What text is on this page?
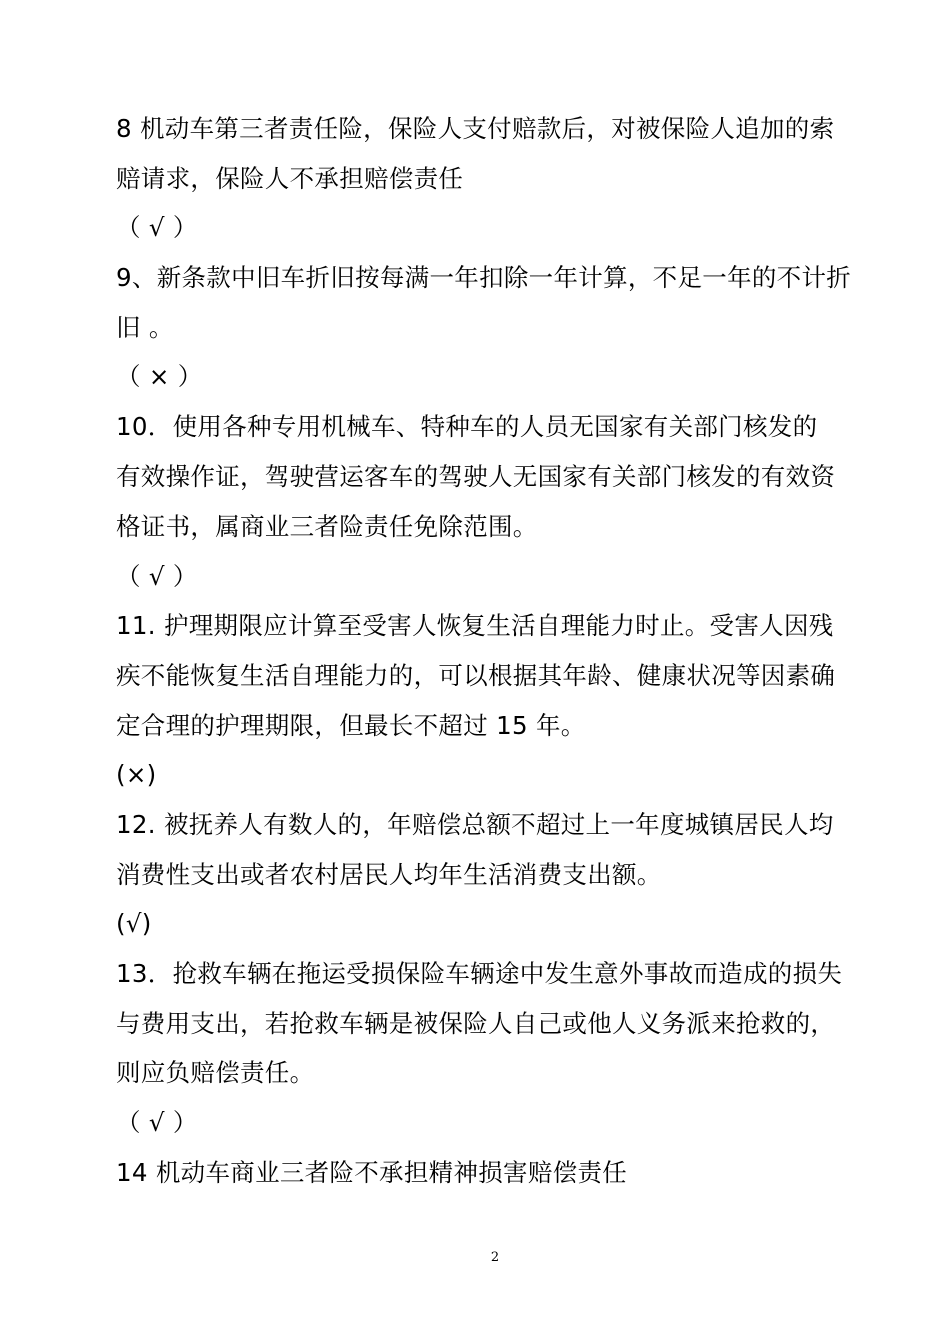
8 机动车第三者责任险，保险人支付赔款后，对被保险人追加的索
赔请求，保险人不承担赔偿责任
（ √ ）
9、新条款中旧车折旧按每满一年扣除一年计算，不足一年的不计折
旧 。
（ × ）
10．使用各种专用机械车、特种车的人员无国家有关部门核发的
有效操作证，驾驶营运客车的驾驶人无国家有关部门核发的有效资
格证书，属商业三者险责任免除范围。
（ √ ）
11. 护理期限应计算至受害人恢复生活自理能力时止。受害人因残
疾不能恢复生活自理能力的，可以根据其年龄、健康状况等因素确
定合理的护理期限，但最长不超过 15 年。
(×)
12. 被抚养人有数人的，年赔偿总额不超过上一年度城镇居民人均
消费性支出或者农村居民人均年生活消费支出额。
(√)
13．抢救车辆在拖运受损保险车辆途中发生意外事故而造成的损失
与费用支出，若抢救车辆是被保险人自己或他人义务派来抢救的，
则应负赔偿责任。
（ √ ）
14 机动车商业三者险不承担精神损害赔偿责任
2
